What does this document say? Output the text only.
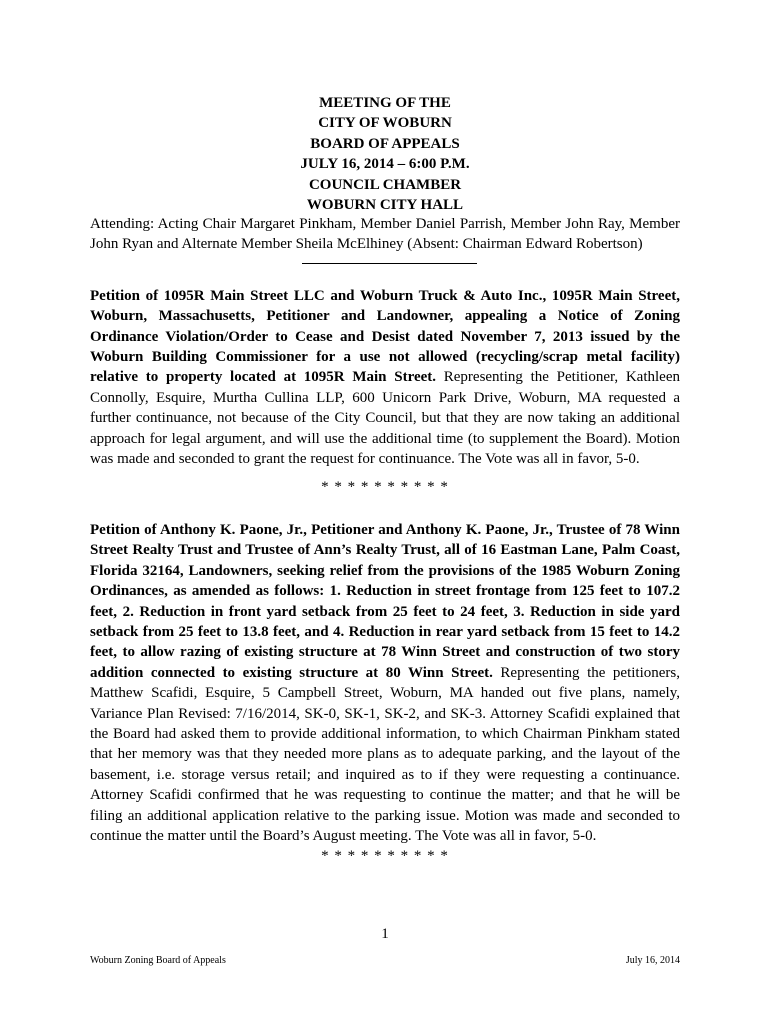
MEETING OF THE
CITY OF WOBURN
BOARD OF APPEALS
JULY 16, 2014 – 6:00 P.M.
COUNCIL CHAMBER
WOBURN CITY HALL

Attending: Acting Chair Margaret Pinkham, Member Daniel Parrish, Member John Ray, Member John Ryan and Alternate Member Sheila McElhiney (Absent: Chairman Edward Robertson)

Petition of 1095R Main Street LLC and Woburn Truck & Auto Inc., 1095R Main Street, Woburn, Massachusetts, Petitioner and Landowner, appealing a Notice of Zoning Ordinance Violation/Order to Cease and Desist dated November 7, 2013 issued by the Woburn Building Commissioner for a use not allowed (recycling/scrap metal facility) relative to property located at 1095R Main Street. Representing the Petitioner, Kathleen Connolly, Esquire, Murtha Cullina LLP, 600 Unicorn Park Drive, Woburn, MA requested a further continuance, not because of the City Council, but that they are now taking an additional approach for legal argument, and will use the additional time (to supplement the Board). Motion was made and seconded to grant the request for continuance. The Vote was all in favor, 5-0.

* * * * * * * * * *

Petition of Anthony K. Paone, Jr., Petitioner and Anthony K. Paone, Jr., Trustee of 78 Winn Street Realty Trust and Trustee of Ann’s Realty Trust, all of 16 Eastman Lane, Palm Coast, Florida 32164, Landowners, seeking relief from the provisions of the 1985 Woburn Zoning Ordinances, as amended as follows: 1. Reduction in street frontage from 125 feet to 107.2 feet, 2. Reduction in front yard setback from 25 feet to 24 feet, 3. Reduction in side yard setback from 25 feet to 13.8 feet, and 4. Reduction in rear yard setback from 15 feet to 14.2 feet, to allow razing of existing structure at 78 Winn Street and construction of two story addition connected to existing structure at 80 Winn Street. Representing the petitioners, Matthew Scafidi, Esquire, 5 Campbell Street, Woburn, MA handed out five plans, namely, Variance Plan Revised: 7/16/2014, SK-0, SK-1, SK-2, and SK-3. Attorney Scafidi explained that the Board had asked them to provide additional information, to which Chairman Pinkham stated that her memory was that they needed more plans as to adequate parking, and the layout of the basement, i.e. storage versus retail; and inquired as to if they were requesting a continuance. Attorney Scafidi confirmed that he was requesting to continue the matter; and that he will be filing an additional application relative to the parking issue. Motion was made and seconded to continue the matter until the Board’s August meeting. The Vote was all in favor, 5-0.

* * * * * * * * * *
1
Woburn Zoning Board of Appeals	July 16, 2014
